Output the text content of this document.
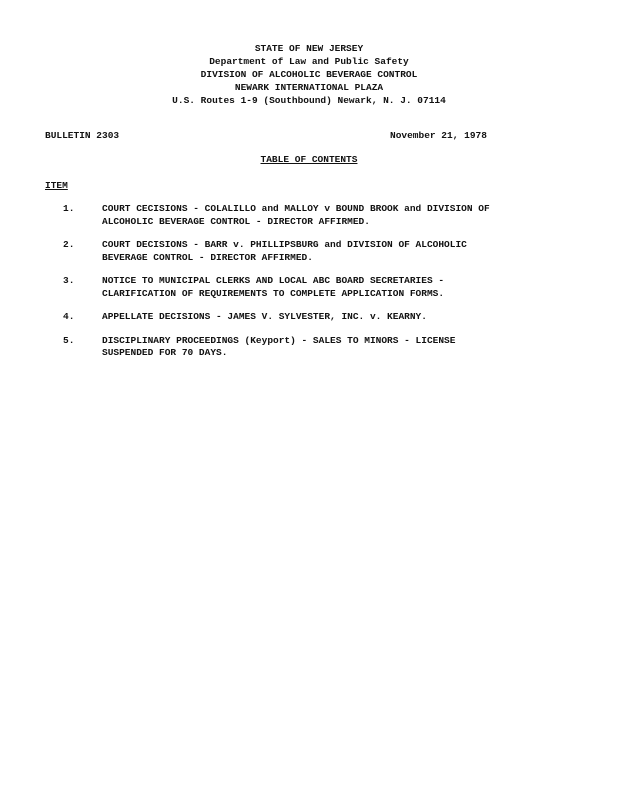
STATE OF NEW JERSEY
Department of Law and Public Safety
DIVISION OF ALCOHOLIC BEVERAGE CONTROL
NEWARK INTERNATIONAL PLAZA
U.S. Routes 1-9 (Southbound) Newark, N. J. 07114
BULLETIN 2303	November 21, 1978
TABLE OF CONTENTS
ITEM
1.	COURT CECISIONS - COLALILLO and MALLOY v BOUND BROOK and DIVISION OF
ALCOHOLIC BEVERAGE CONTROL - DIRECTOR AFFIRMED.
2.	COURT DECISIONS - BARR v. PHILLIPSBURG and DIVISION OF ALCOHOLIC
BEVERAGE CONTROL - DIRECTOR AFFIRMED.
3.	NOTICE TO MUNICIPAL CLERKS AND LOCAL ABC BOARD SECRETARIES -
CLARIFICATION OF REQUIREMENTS TO COMPLETE APPLICATION FORMS.
4.	APPELLATE DECISIONS - JAMES V. SYLVESTER, INC. v. KEARNY.
5.	DISCIPLINARY PROCEEDINGS (Keyport) - SALES TO MINORS - LICENSE
SUSPENDED FOR 70 DAYS.
